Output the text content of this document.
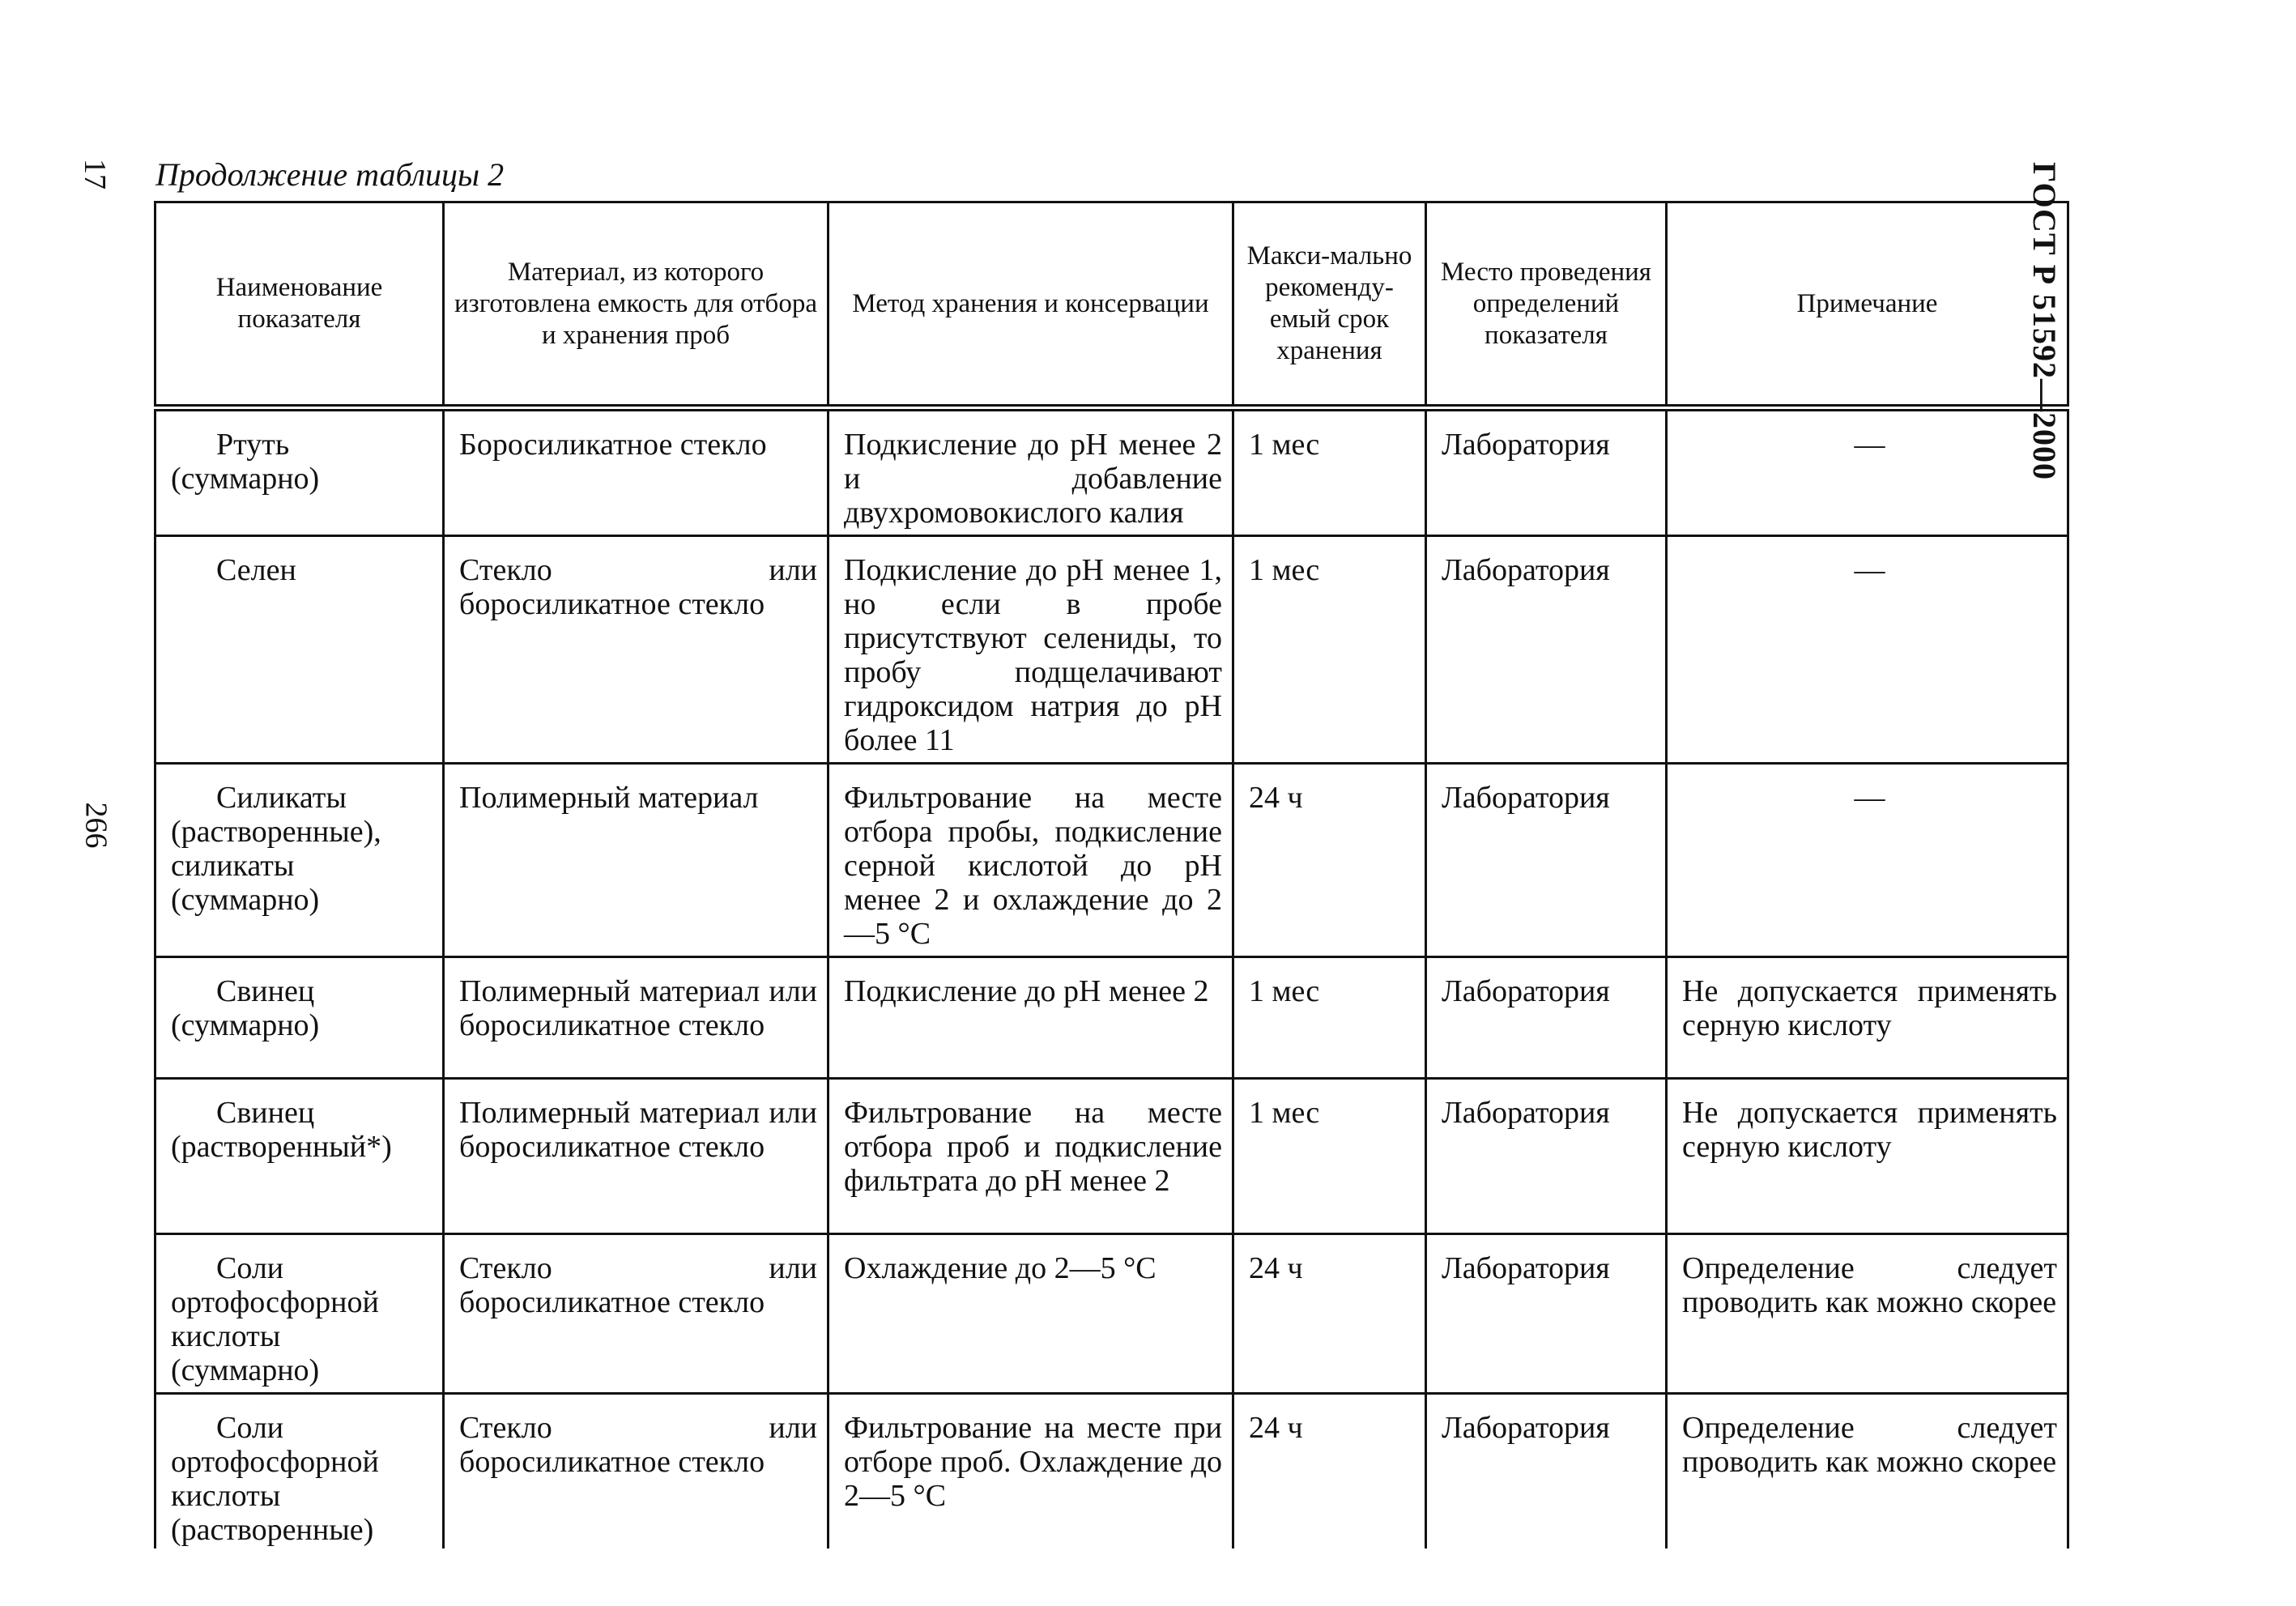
17
266
ГОСТ Р 51592—2000
Продолжение таблицы 2
Наименование показателя	Материал, из которого изготовлена емкость для отбора и хранения проб	Метод хранения и консервации	Макси-мально рекоменду-емый срок хранения	Место проведения определений показателя	Примечание
Ртуть (суммарно)	Боросиликатное стекло	Подкисление до pH менее 2 и добавление двухромовокислого калия	1 мес	Лаборатория	—
Селен	Стекло или боросиликатное стекло	Подкисление до pH менее 1, но если в пробе присутствуют селениды, то пробу подщелачивают гидроксидом натрия до pH более 11	1 мес	Лаборатория	—
Силикаты (растворенные), силикаты (суммарно)	Полимерный материал	Фильтрование на месте отбора пробы, подкисление серной кислотой до pH менее 2 и охлаждение до 2—5 °С	24 ч	Лаборатория	—
Свинец (суммарно)	Полимерный материал или боросиликатное стекло	Подкисление до pH менее 2	1 мес	Лаборатория	Не допускается применять серную кислоту
Свинец (растворенный*)	Полимерный материал или боросиликатное стекло	Фильтрование на месте отбора проб и подкисление фильтрата до pH менее 2	1 мес	Лаборатория	Не допускается применять серную кислоту
Соли ортофосфорной кислоты (суммарно)	Стекло или боросиликатное стекло	Охлаждение до 2—5 °С	24 ч	Лаборатория	Определение следует проводить как можно скорее
Соли ортофосфорной кислоты (растворенные)	Стекло или боросиликатное стекло	Фильтрование на месте при отборе проб. Охлаждение до 2—5 °С	24 ч	Лаборатория	Определение следует проводить как можно скорее
